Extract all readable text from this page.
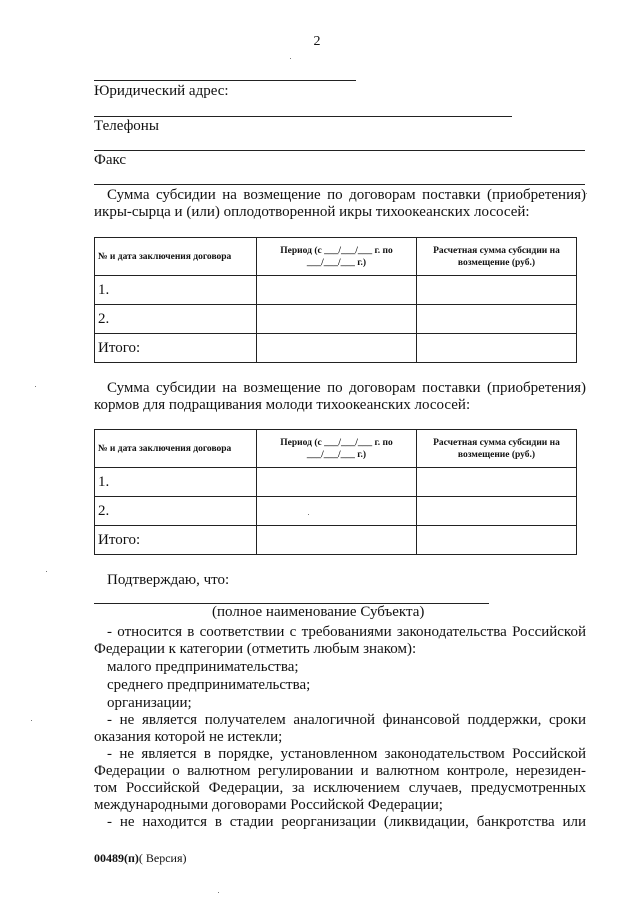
2
Юридический адрес:
Телефоны
Факс
Сумма субсидии на возмещение по договорам поставки (приобретения)
икры-сырца и (или) оплодотворенной икры тихоокеанских лососей:
№ и дата заключения договора	Период (с ___/___/___ г. по ___/___/___ г.)	Расчетная сумма субсидии на возмещение (руб.)
1.		
2.		
Итого:		
Сумма субсидии на возмещение по договорам поставки (приобретения)
кормов для подращивания молоди тихоокеанских лососей:
№ и дата заключения договора	Период (с ___/___/___ г. по ___/___/___ г.)	Расчетная сумма субсидии на возмещение (руб.)
1.		
2.		
Итого:		
Подтверждаю, что:
(полное наименование Субъекта)
- относится в соответствии с требованиями законодательства Российской
Федерации к категории (отметить любым знаком):
малого предпринимательства;
среднего предпринимательства;
организации;
- не является получателем аналогичной финансовой поддержки, сроки
оказания которой не истекли;
- не является в порядке, установленном законодательством Российской
Федерации о валютном регулировании и валютном контроле, нерезиден-
том Российской Федерации, за исключением случаев, предусмотренных
международными договорами Российской Федерации;
- не находится в стадии реорганизации (ликвидации, банкротства или
00489(п)( Версия)
